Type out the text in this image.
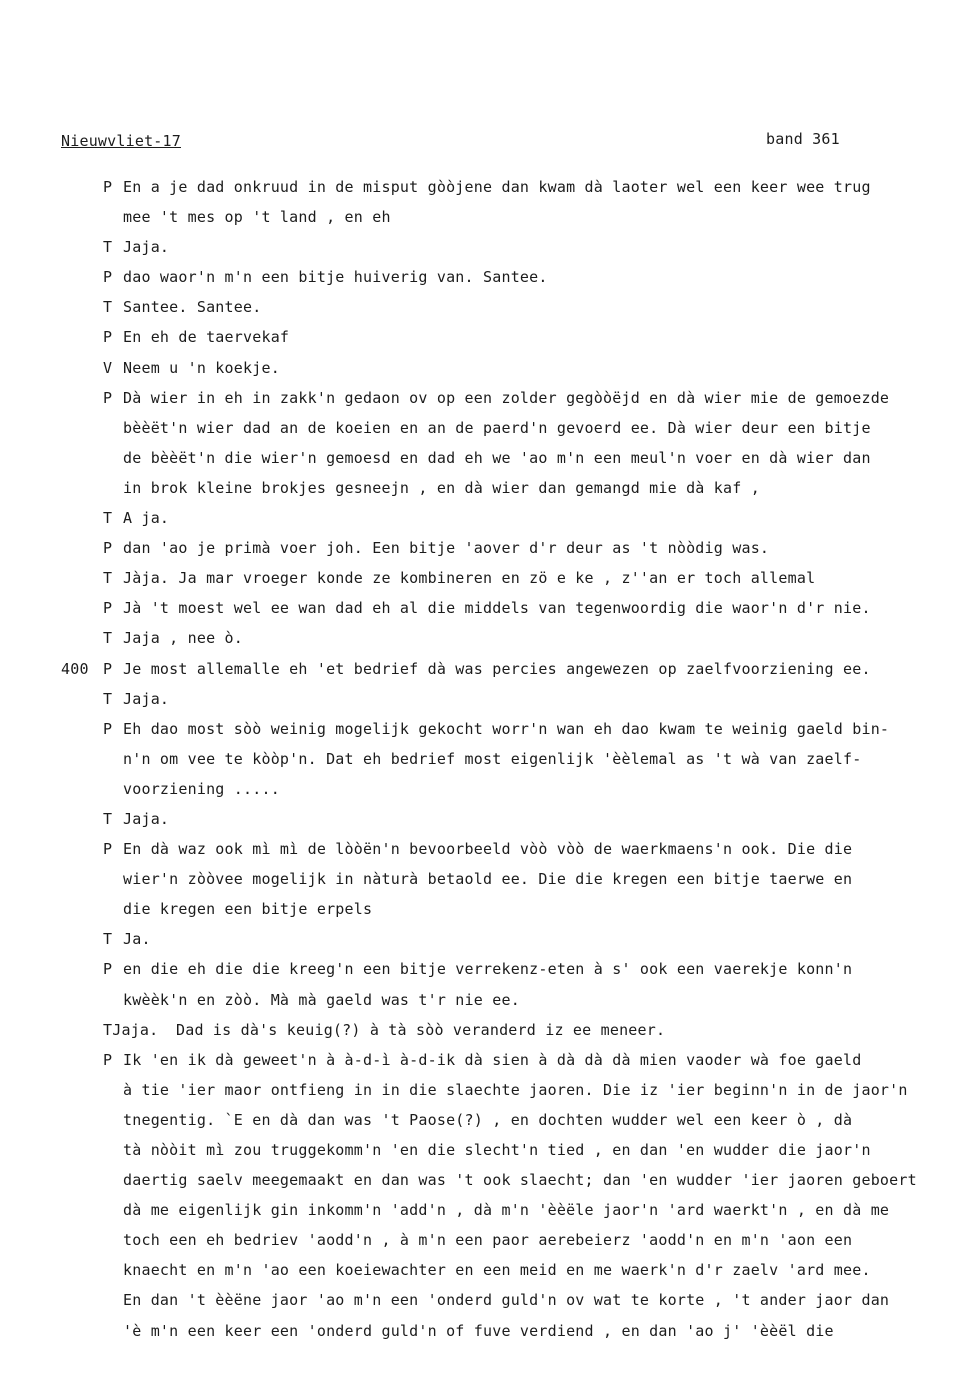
Nieuwvliet-17	band 361
P En a je dad onkruud in de misput gòòjene dan kwam dà laoter wel een keer wee trug
mee 't mes op 't land , en eh
T Jaja.
P dao waor'n m'n een bitje huiverig van. Santee.
T Santee. Santee.
P En eh de taervekaf
V Neem u 'n koekje.
P Dà wier in eh in zakk'n gedaon ov op een zolder gegòòëjd en dà wier mie de gemoezde
bèèët'n wier dad an de koeien en an de paerd'n gevoerd ee. Dà wier deur een bitje
de bèèët'n die wier'n gemoesd en dad eh we 'ao m'n een meul'n voer en dà wier dan
in brok kleine brokjes gesneejn , en dà wier dan gemangd mie dà kaf ,
T A ja.
P dan 'ao je primà voer joh. Een bitje 'aover d'r deur as 't nòòdig was.
T Jàja. Ja mar vroeger konde ze kombineren en zö e ke , z''an er toch allemal
P Jà 't moest wel ee wan dad eh al die middels van tegenwoordig die waor'n d'r nie.
T Jaja , nee ò.
400 P Je most allemalle eh 'et bedrief dà was percies angewezen op zaelfvoorziening ee.
T Jaja.
P Eh dao most sòò weinig mogelijk gekocht worr'n wan eh dao kwam te weinig gaeld bin-
n'n om vee te kòòp'n. Dat eh bedrief most eigenlijk 'èèlemal as 't wà van zaelf-
voorziening .....
T Jaja.
P En dà waz ook mì mì de lòòën'n bevoorbeeld vòò vòò de waerkmaens'n ook. Die die
wier'n zòòvee mogelijk in nàturà betaold ee. Die die kregen een bitje taerwe en
die kregen een bitje erpels
T Ja.
P en die eh die die kreeg'n een bitje verrekenz-eten à s' ook een vaerekje konn'n
kwèèk'n en zòò. Mà mà gaeld was t'r nie ee.
TJaja. Dad is dà's keuig(?) à tà sòò veranderd iz ee meneer.
P Ik 'en ik dà geweet'n à à-d-ì à-d-ik dà sien à dà dà dà mien vaoder wà foe gaeld
à tie 'ier maor ontfieng in in die slaechte jaoren. Die iz 'ier beginn'n in de jaor'n
tnegentig. `E en dà dan was 't Paose(?) , en dochten wudder wel een keer ò , dà
tà nòòit mì zou truggekomm'n 'en die slecht'n tied , en dan 'en wudder die jaor'n
daertig saelv meegemaakt en dan was 't ook slaecht; dan 'en wudder 'ier jaoren geboert
dà me eigenlijk gin inkomm'n 'add'n , dà m'n 'èèële jaor'n 'ard waerkt'n , en dà me
toch een eh bedriev 'aodd'n , à m'n een paor aerebeierz 'aodd'n en m'n 'aon een
knaecht en m'n 'ao een koeiewachter en een meid en me waerk'n d'r zaelv 'ard mee.
En dan 't èèëne jaor 'ao m'n een 'onderd guld'n ov wat te korte , 't ander jaor dan
'è m'n een keer een 'onderd guld'n of fuve verdiend , en dan 'ao j' 'èèël die
